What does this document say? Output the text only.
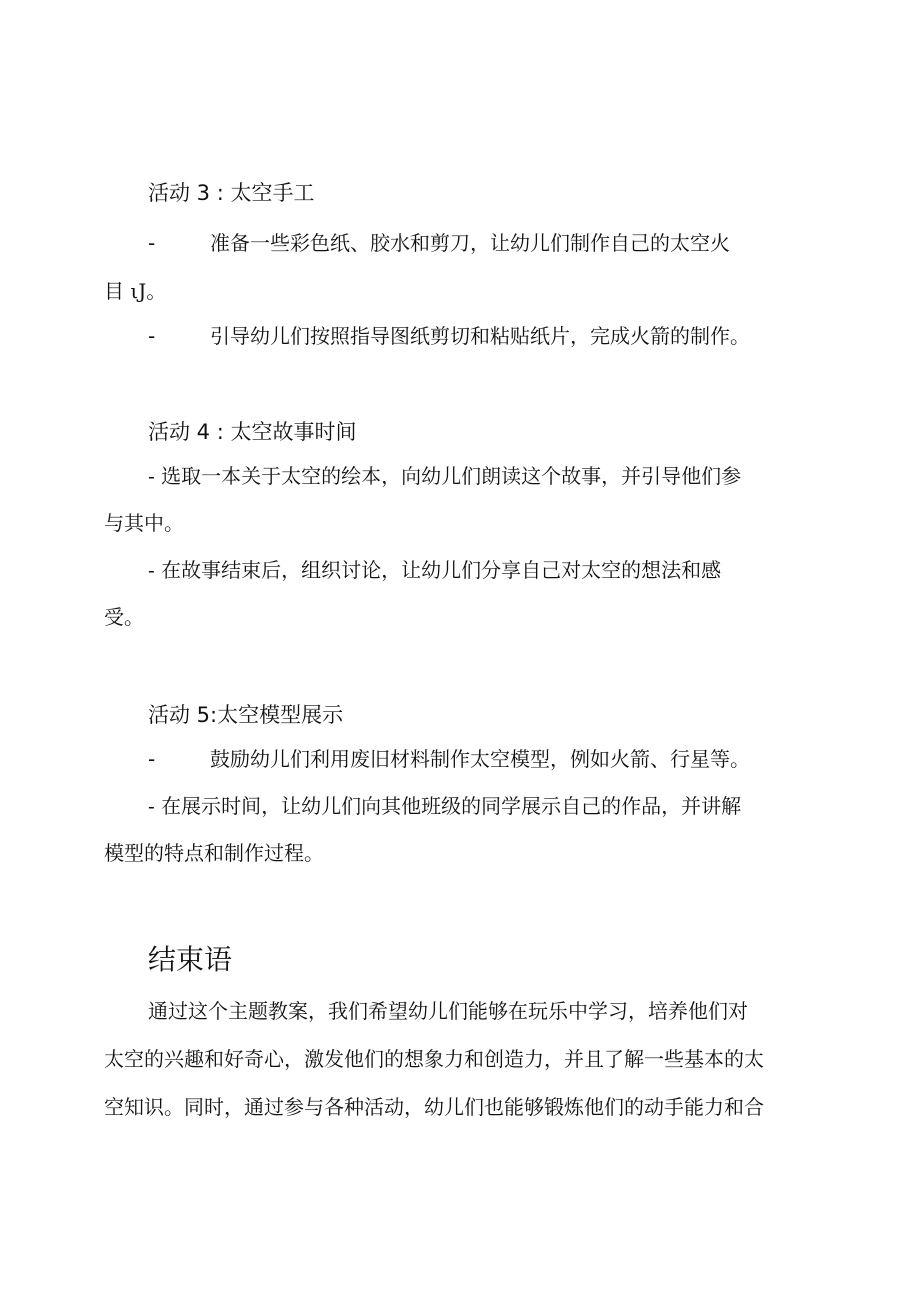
活动 3 : 太空手工
-	准备一些彩色纸、胶水和剪刀，让幼儿们制作自己的太空火
目 ιJ。
-	引导幼儿们按照指导图纸剪切和粘贴纸片，完成火箭的制作。
活动 4 : 太空故事时间
- 选取一本关于太空的绘本，向幼儿们朗读这个故事，并引导他们参
与其中。
- 在故事结束后，组织讨论，让幼儿们分享自己对太空的想法和感
受。
活动 5:太空模型展示
-	鼓励幼儿们利用废旧材料制作太空模型，例如火箭、行星等。
- 在展示时间，让幼儿们向其他班级的同学展示自己的作品，并讲解
模型的特点和制作过程。
结束语
通过这个主题教案，我们希望幼儿们能够在玩乐中学习，培养他们对
太空的兴趣和好奇心，激发他们的想象力和创造力，并且了解一些基本的太
空知识。同时，通过参与各种活动，幼儿们也能够锻炼他们的动手能力和合
